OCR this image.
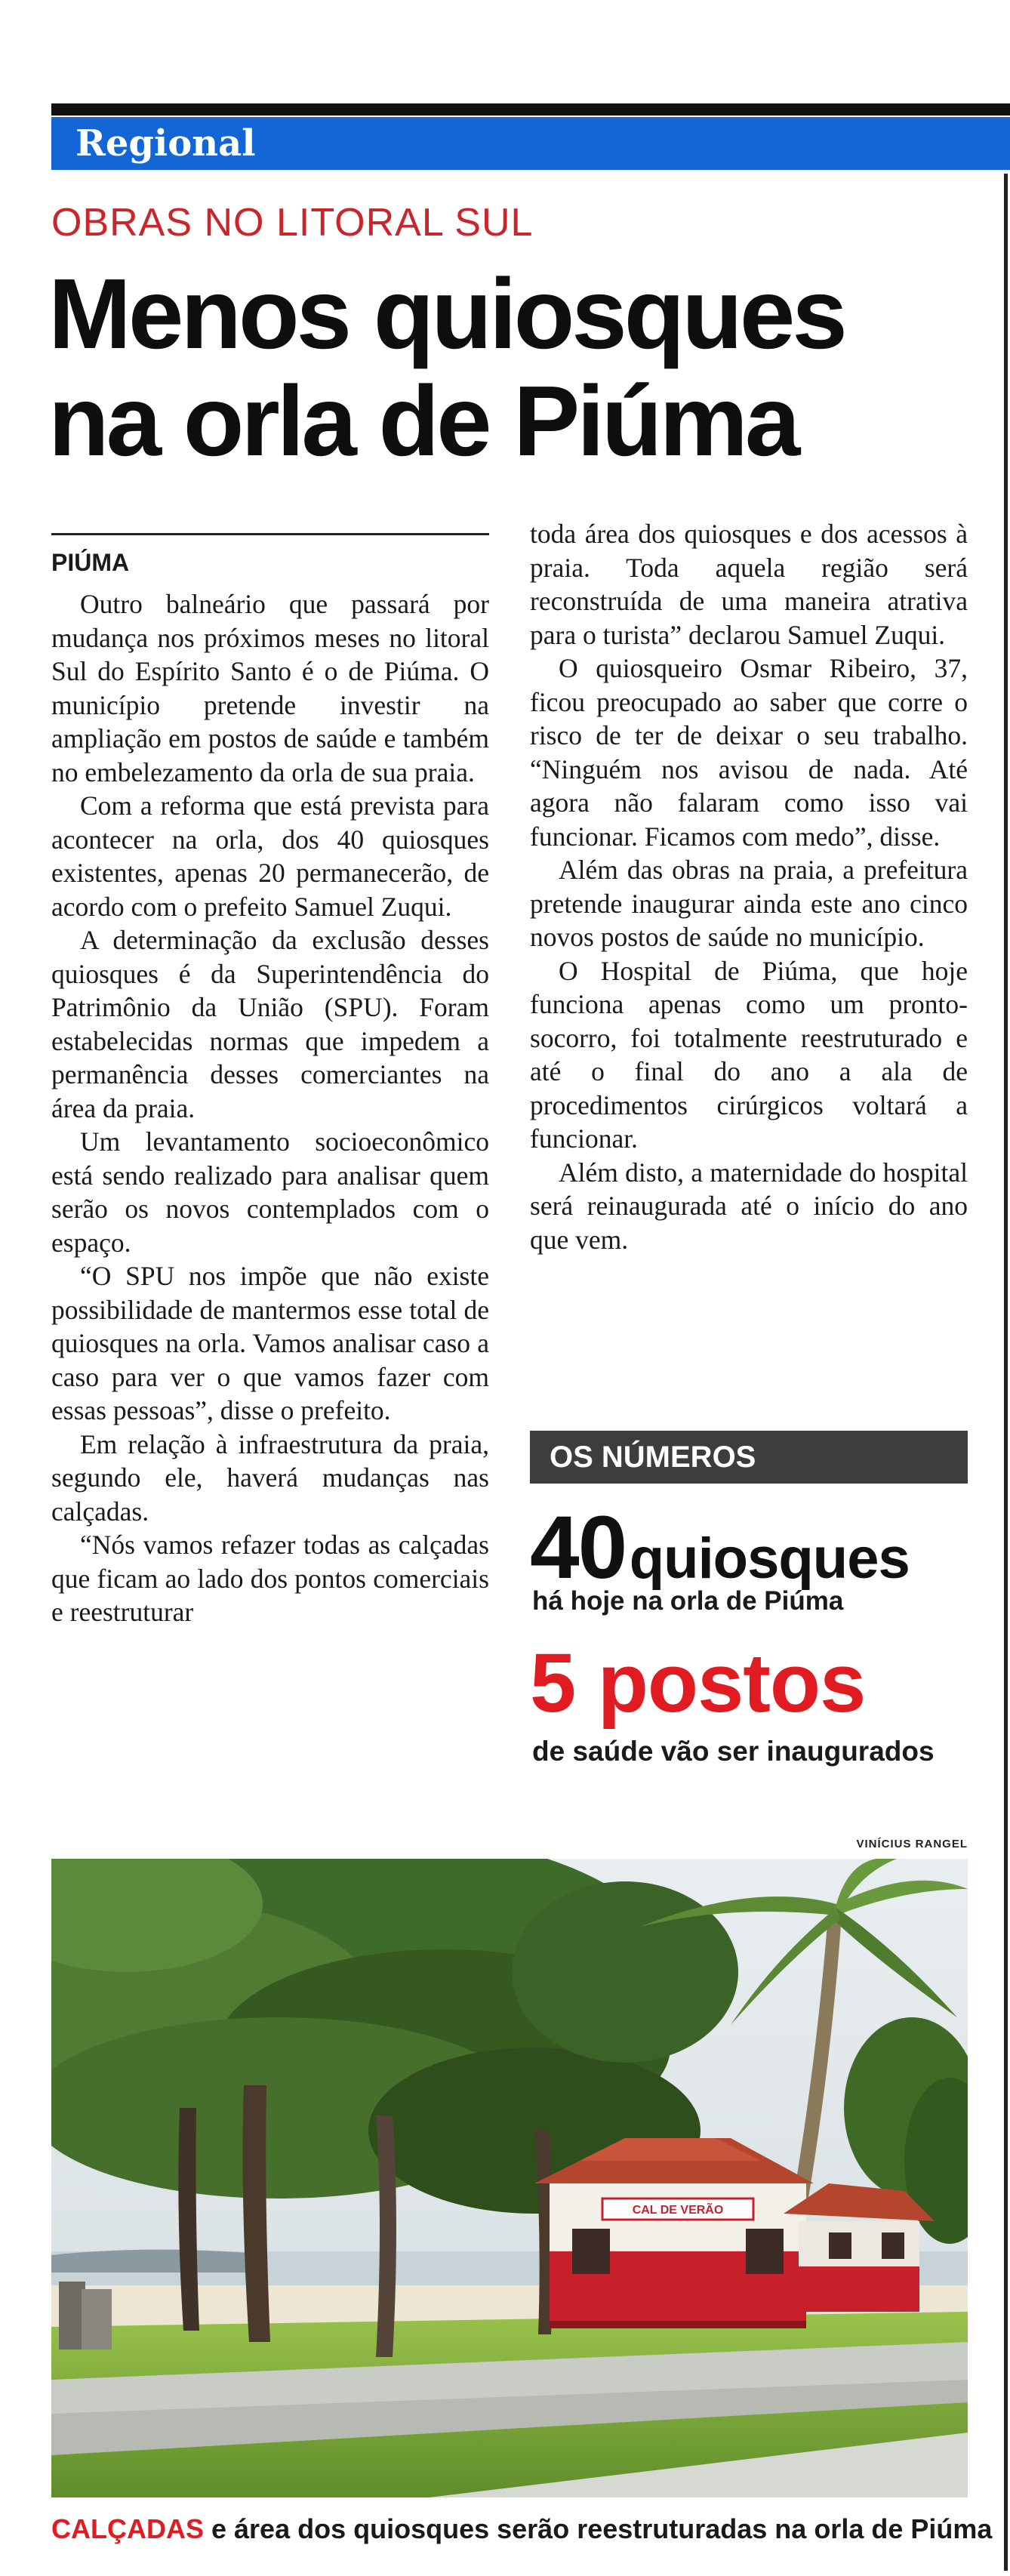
Regional
OBRAS NO LITORAL SUL
Menos quiosques
na orla de Piúma
PIÚMA

Outro balneário que passará por mudança nos próximos meses no litoral Sul do Espírito Santo é o de Piúma. O município pretende investir na ampliação em postos de saúde e também no embelezamento da orla de sua praia.

Com a reforma que está prevista para acontecer na orla, dos 40 quiosques existentes, apenas 20 permanecerão, de acordo com o prefeito Samuel Zuqui.

A determinação da exclusão desses quiosques é da Superintendência do Patrimônio da União (SPU). Foram estabelecidas normas que impedem a permanência desses comerciantes na área da praia.

Um levantamento socioeconômico está sendo realizado para analisar quem serão os novos contemplados com o espaço.

“O SPU nos impõe que não existe possibilidade de mantermos esse total de quiosques na orla. Vamos analisar caso a caso para ver o que vamos fazer com essas pessoas”, disse o prefeito.

Em relação à infraestrutura da praia, segundo ele, haverá mudanças nas calçadas.

“Nós vamos refazer todas as calçadas que ficam ao lado dos pontos comerciais e reestruturar

toda área dos quiosques e dos acessos à praia. Toda aquela região será reconstruída de uma maneira atrativa para o turista” declarou Samuel Zuqui.

O quiosqueiro Osmar Ribeiro, 37, ficou preocupado ao saber que corre o risco de ter de deixar o seu trabalho. “Ninguém nos avisou de nada. Até agora não falaram como isso vai funcionar. Ficamos com medo”, disse.

Além das obras na praia, a prefeitura pretende inaugurar ainda este ano cinco novos postos de saúde no município.

O Hospital de Piúma, que hoje funciona apenas como um pronto-socorro, foi totalmente reestruturado e até o final do ano a ala de procedimentos cirúrgicos voltará a funcionar.

Além disto, a maternidade do hospital será reinaugurada até o início do ano que vem.

OS NÚMEROS
40 quiosques
há hoje na orla de Piúma
5 postos
de saúde vão ser inaugurados
VINÍCIUS RANGEL
CAL DE VERÃO
CALÇADAS e área dos quiosques serão reestruturadas na orla de Piúma
